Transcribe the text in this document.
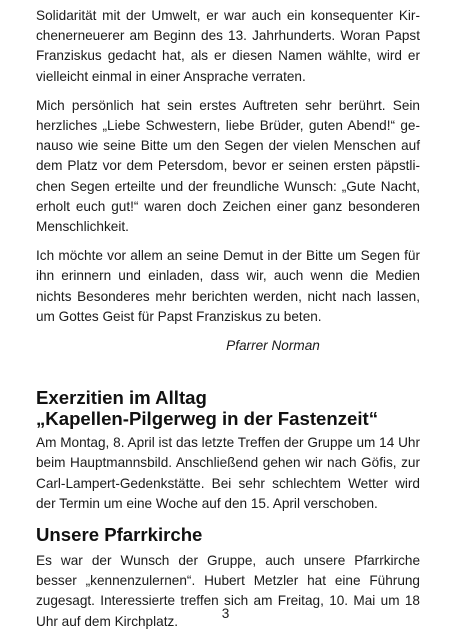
Solidarität mit der Umwelt, er war auch ein konsequenter Kir- chenerneuerer am Beginn des 13. Jahrhunderts. Woran Papst Franziskus gedacht hat, als er diesen Namen wählte, wird er vielleicht einmal in einer Ansprache verraten.

Mich persönlich hat sein erstes Auftreten sehr berührt. Sein herzliches „Liebe Schwestern, liebe Brüder, guten Abend!“ ge- nauso wie seine Bitte um den Segen der vielen Menschen auf dem Platz vor dem Petersdom, bevor er seinen ersten päpstli- chen Segen erteilte und der freundliche Wunsch: „Gute Nacht, erholt euch gut!“ waren doch Zeichen einer ganz besonderen Menschlichkeit.

Ich möchte vor allem an seine Demut in der Bitte um Segen für ihn erinnern und einladen, dass wir, auch wenn die Medien nichts Besonderes mehr berichten werden, nicht nach lassen, um Gottes Geist für Papst Franziskus zu beten.

Pfarrer Norman

Exerzitien im Alltag
„Kapellen-Pilgerweg in der Fastenzeit“

Am Montag, 8. April ist das letzte Treffen der Gruppe um 14 Uhr beim Hauptmannsbild. Anschließend gehen wir nach Göfis, zur Carl-Lampert-Gedenkstätte. Bei sehr schlechtem Wetter wird der Termin um eine Woche auf den 15. April verschoben.

Unsere Pfarrkirche

Es war der Wunsch der Gruppe, auch unsere Pfarrkirche besser „kennenzulernen“. Hubert Metzler hat eine Führung zugesagt. Interessierte treffen sich am Freitag, 10. Mai um 18 Uhr auf dem Kirchplatz.

3
